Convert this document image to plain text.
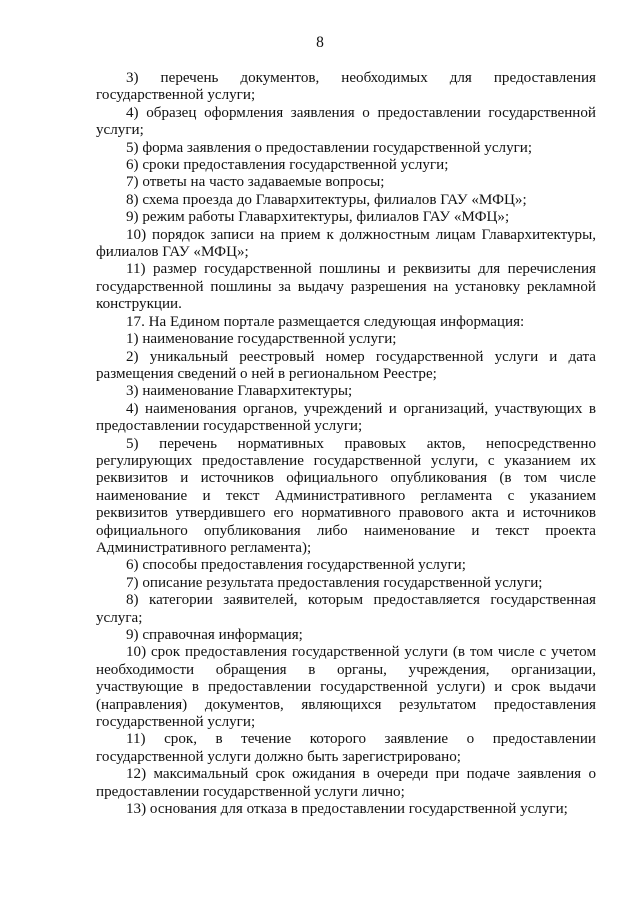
8

3) перечень документов, необходимых для предоставления государственной услуги;

4) образец оформления заявления о предоставлении государственной услуги;

5) форма заявления о предоставлении государственной услуги;

6) сроки предоставления государственной услуги;

7) ответы на часто задаваемые вопросы;

8) схема проезда до Главархитектуры, филиалов ГАУ «МФЦ»;

9) режим работы Главархитектуры, филиалов ГАУ «МФЦ»;

10) порядок записи на прием к должностным лицам Главархитектуры, филиалов ГАУ «МФЦ»;

11) размер государственной пошлины и реквизиты для перечисления государственной пошлины за выдачу разрешения на установку рекламной конструкции.

17. На Едином портале размещается следующая информация:

1) наименование государственной услуги;

2) уникальный реестровый номер государственной услуги и дата размещения сведений о ней в региональном Реестре;

3) наименование Главархитектуры;

4) наименования органов, учреждений и организаций, участвующих в предоставлении государственной услуги;

5) перечень нормативных правовых актов, непосредственно регулирующих предоставление государственной услуги, с указанием их реквизитов и источников официального опубликования (в том числе наименование и текст Административного регламента с указанием реквизитов утвердившего его нормативного правового акта и источников официального опубликования либо наименование и текст проекта Административного регламента);

6) способы предоставления государственной услуги;

7) описание результата предоставления государственной услуги;

8) категории заявителей, которым предоставляется государственная услуга;

9) справочная информация;

10) срок предоставления государственной услуги (в том числе с учетом необходимости обращения в органы, учреждения, организации, участвующие в предоставлении государственной услуги) и срок выдачи (направления) документов, являющихся результатом предоставления государственной услуги;

11) срок, в течение которого заявление о предоставлении государственной услуги должно быть зарегистрировано;

12) максимальный срок ожидания в очереди при подаче заявления о предоставлении государственной услуги лично;

13) основания для отказа в предоставлении государственной услуги;
